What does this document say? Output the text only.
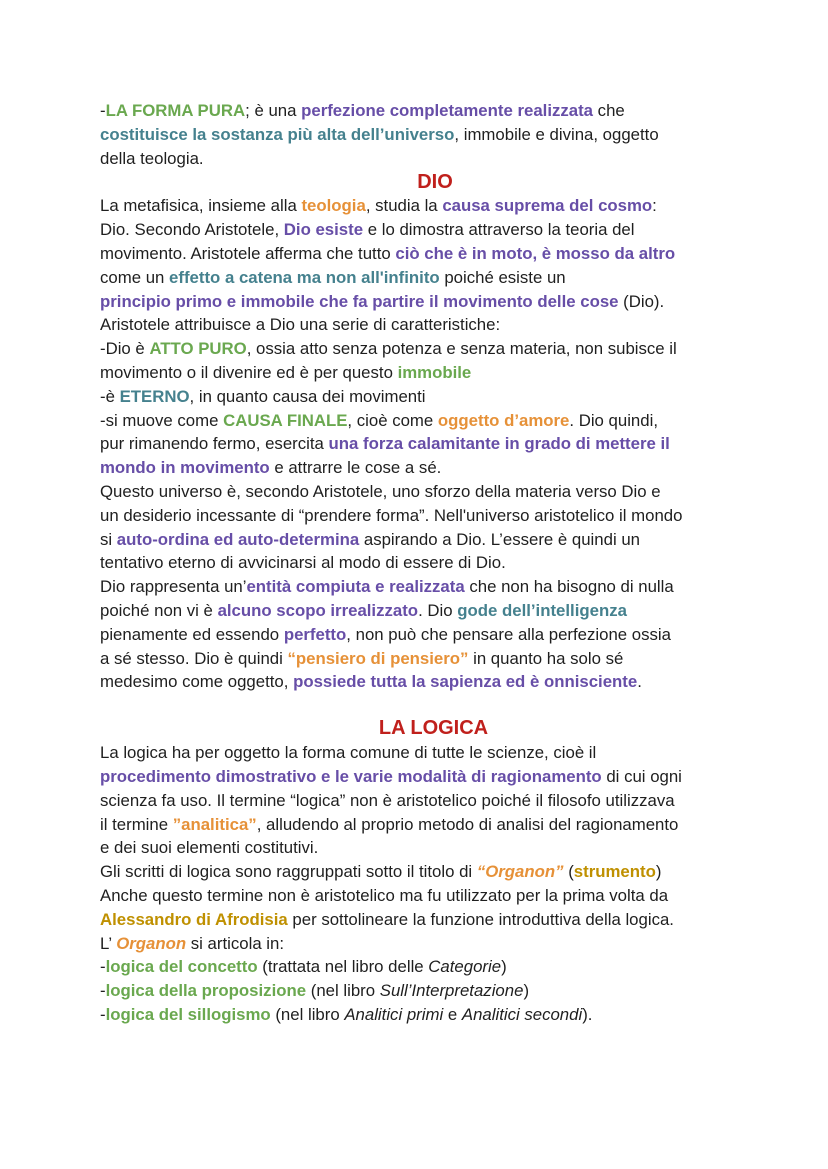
-LA FORMA PURA; è una perfezione completamente realizzata che

costituisce la sostanza più alta dell’universo, immobile e divina, oggetto

della teologia.

DIO

La metafisica, insieme alla teologia, studia la causa suprema del cosmo:

Dio. Secondo Aristotele, Dio esiste e lo dimostra attraverso la teoria del

movimento. Aristotele afferma che tutto ciò che è in moto, è mosso da altro

come un effetto a catena ma non all'infinito poiché esiste un

principio primo e immobile che fa partire il movimento delle cose (Dio).

Aristotele attribuisce a Dio una serie di caratteristiche:

-Dio è ATTO PURO, ossia atto senza potenza e senza materia, non subisce il

movimento o il divenire ed è per questo immobile

-è ETERNO, in quanto causa dei movimenti

-si muove come CAUSA FINALE, cioè come oggetto d’amore. Dio quindi,

pur rimanendo fermo, esercita una forza calamitante in grado di mettere il

mondo in movimento e attrarre le cose a sé.

Questo universo è, secondo Aristotele, uno sforzo della materia verso Dio e

un desiderio incessante di “prendere forma”. Nell'universo aristotelico il mondo

si auto-ordina ed auto-determina aspirando a Dio. L’essere è quindi un

tentativo eterno di avvicinarsi al modo di essere di Dio.

Dio rappresenta un’entità compiuta e realizzata che non ha bisogno di nulla

poiché non vi è alcuno scopo irrealizzato. Dio gode dell’intelligenza

pienamente ed essendo perfetto, non può che pensare alla perfezione ossia

a sé stesso. Dio è quindi “pensiero di pensiero” in quanto ha solo sé

medesimo come oggetto, possiede tutta la sapienza ed è onnisciente.

LA LOGICA

La logica ha per oggetto la forma comune di tutte le scienze, cioè il

procedimento dimostrativo e le varie modalità di ragionamento di cui ogni

scienza fa uso. Il termine “logica” non è aristotelico poiché il filosofo utilizzava

il termine ”analitica”, alludendo al proprio metodo di analisi del ragionamento

e dei suoi elementi costitutivi.

Gli scritti di logica sono raggruppati sotto il titolo di “Organon” (strumento)

Anche questo termine non è aristotelico ma fu utilizzato per la prima volta da

Alessandro di Afrodisia per sottolineare la funzione introduttiva della logica.

L’ Organon si articola in:

-logica del concetto (trattata nel libro delle Categorie)

-logica della proposizione (nel libro Sull’Interpretazione)

-logica del sillogismo (nel libro Analitici primi e Analitici secondi).
